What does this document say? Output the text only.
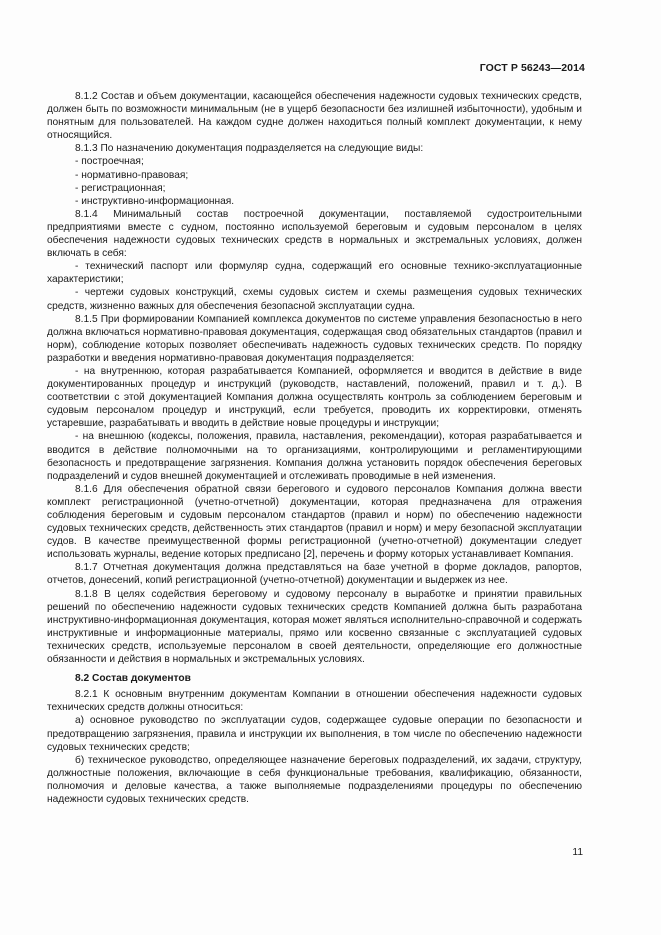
ГОСТ Р 56243—2014

8.1.2 Состав и объем документации, касающейся обеспечения надежности судовых технических средств, должен быть по возможности минимальным (не в ущерб безопасности без излишней избыточности), удобным и понятным для пользователей. На каждом судне должен находиться полный комплект документации, к нему относящийся.

8.1.3 По назначению документация подразделяется на следующие виды:

- построечная;

- нормативно-правовая;

- регистрационная;

- инструктивно-информационная.

8.1.4 Минимальный состав построечной документации, поставляемой судостроительными предприятиями вместе с судном, постоянно используемой береговым и судовым персоналом в целях обеспечения надежности судовых технических средств в нормальных и экстремальных условиях, должен включать в себя:

- технический паспорт или формуляр судна, содержащий его основные технико-эксплуатационные характеристики;

- чертежи судовых конструкций, схемы судовых систем и схемы размещения судовых технических средств, жизненно важных для обеспечения безопасной эксплуатации судна.

8.1.5 При формировании Компанией комплекса документов по системе управления безопасностью в него должна включаться нормативно-правовая документация, содержащая свод обязательных стандартов (правил и норм), соблюдение которых позволяет обеспечивать надежность судовых технических средств. По порядку разработки и введения нормативно-правовая документация подразделяется:

- на внутреннюю, которая разрабатывается Компанией, оформляется и вводится в действие в виде документированных процедур и инструкций (руководств, наставлений, положений, правил и т. д.). В соответствии с этой документацией Компания должна осуществлять контроль за соблюдением береговым и судовым персоналом процедур и инструкций, если требуется, проводить их корректировки, отменять устаревшие, разрабатывать и вводить в действие новые процедуры и инструкции;

- на внешнюю (кодексы, положения, правила, наставления, рекомендации), которая разрабатывается и вводится в действие полномочными на то организациями, контролирующими и регламентирующими безопасность и предотвращение загрязнения. Компания должна установить порядок обеспечения береговых подразделений и судов внешней документацией и отслеживать проводимые в ней изменения.

8.1.6 Для обеспечения обратной связи берегового и судового персоналов Компания должна ввести комплект регистрационной (учетно-отчетной) документации, которая предназначена для отражения соблюдения береговым и судовым персоналом стандартов (правил и норм) по обеспечению надежности судовых технических средств, действенность этих стандартов (правил и норм) и меру безопасной эксплуатации судов. В качестве преимущественной формы регистрационной (учетно-отчетной) документации следует использовать журналы, ведение которых предписано [2], перечень и форму которых устанавливает Компания.

8.1.7 Отчетная документация должна представляться на базе учетной в форме докладов, рапортов, отчетов, донесений, копий регистрационной (учетно-отчетной) документации и выдержек из нее.

8.1.8 В целях содействия береговому и судовому персоналу в выработке и принятии правильных решений по обеспечению надежности судовых технических средств Компанией должна быть разработана инструктивно-информационная документация, которая может являться исполнительно-справочной и содержать инструктивные и информационные материалы, прямо или косвенно связанные с эксплуатацией судовых технических средств, используемые персоналом в своей деятельности, определяющие его должностные обязанности и действия в нормальных и экстремальных условиях.

8.2 Состав документов

8.2.1 К основным внутренним документам Компании в отношении обеспечения надежности судовых технических средств должны относиться:

а) основное руководство по эксплуатации судов, содержащее судовые операции по безопасности и предотвращению загрязнения, правила и инструкции их выполнения, в том числе по обеспечению надежности судовых технических средств;

б) техническое руководство, определяющее назначение береговых подразделений, их задачи, структуру, должностные положения, включающие в себя функциональные требования, квалификацию, обязанности, полномочия и деловые качества, а также выполняемые подразделениями процедуры по обеспечению надежности судовых технических средств.

11
